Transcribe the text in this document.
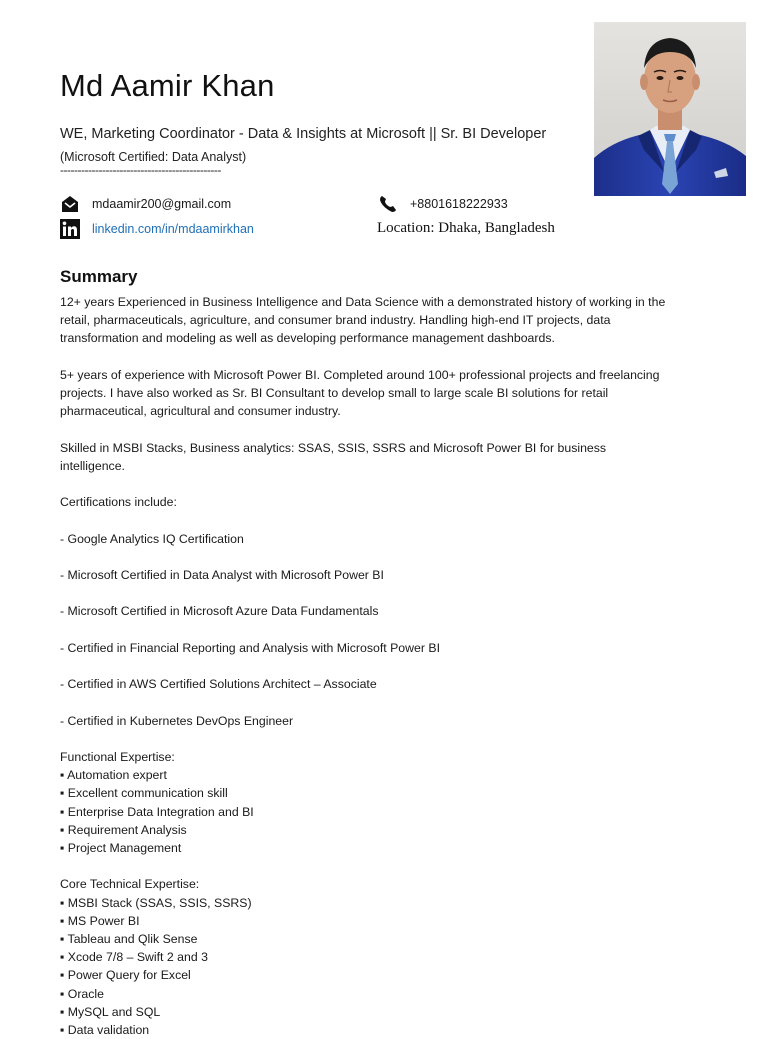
Md Aamir Khan
WE, Marketing Coordinator - Data & Insights at Microsoft || Sr. BI Developer
(Microsoft Certified: Data Analyst)
----------------------------------------------
mdaamir200@gmail.com	+8801618222933
linkedin.com/in/mdaamirkhan	Location: Dhaka, Bangladesh
Summary

12+ years Experienced in Business Intelligence and Data Science with a demonstrated history of working in the retail, pharmaceuticals, agriculture, and consumer brand industry. Handling high-end IT projects, data transformation and modeling as well as developing performance management dashboards.

5+ years of experience with Microsoft Power BI. Completed around 100+ professional projects and freelancing projects. I have also worked as Sr. BI Consultant to develop small to large scale BI solutions for retail pharmaceutical, agricultural and consumer industry.

Skilled in MSBI Stacks, Business analytics: SSAS, SSIS, SSRS and Microsoft Power BI for business intelligence.

Certifications include:

- Google Analytics IQ Certification

- Microsoft Certified in Data Analyst with Microsoft Power BI

- Microsoft Certified in Microsoft Azure Data Fundamentals

- Certified in Financial Reporting and Analysis with Microsoft Power BI

- Certified in AWS Certified Solutions Architect – Associate

- Certified in Kubernetes DevOps Engineer

Functional Expertise:

▪ Automation expert
▪ Excellent communication skill
▪ Enterprise Data Integration and BI
▪ Requirement Analysis
▪ Project Management

Core Technical Expertise:

▪ MSBI Stack (SSAS, SSIS, SSRS)
▪ MS Power BI
▪ Tableau and Qlik Sense
▪ Xcode 7/8 – Swift 2 and 3
▪ Power Query for Excel
▪ Oracle
▪ MySQL and SQL
▪ Data validation
